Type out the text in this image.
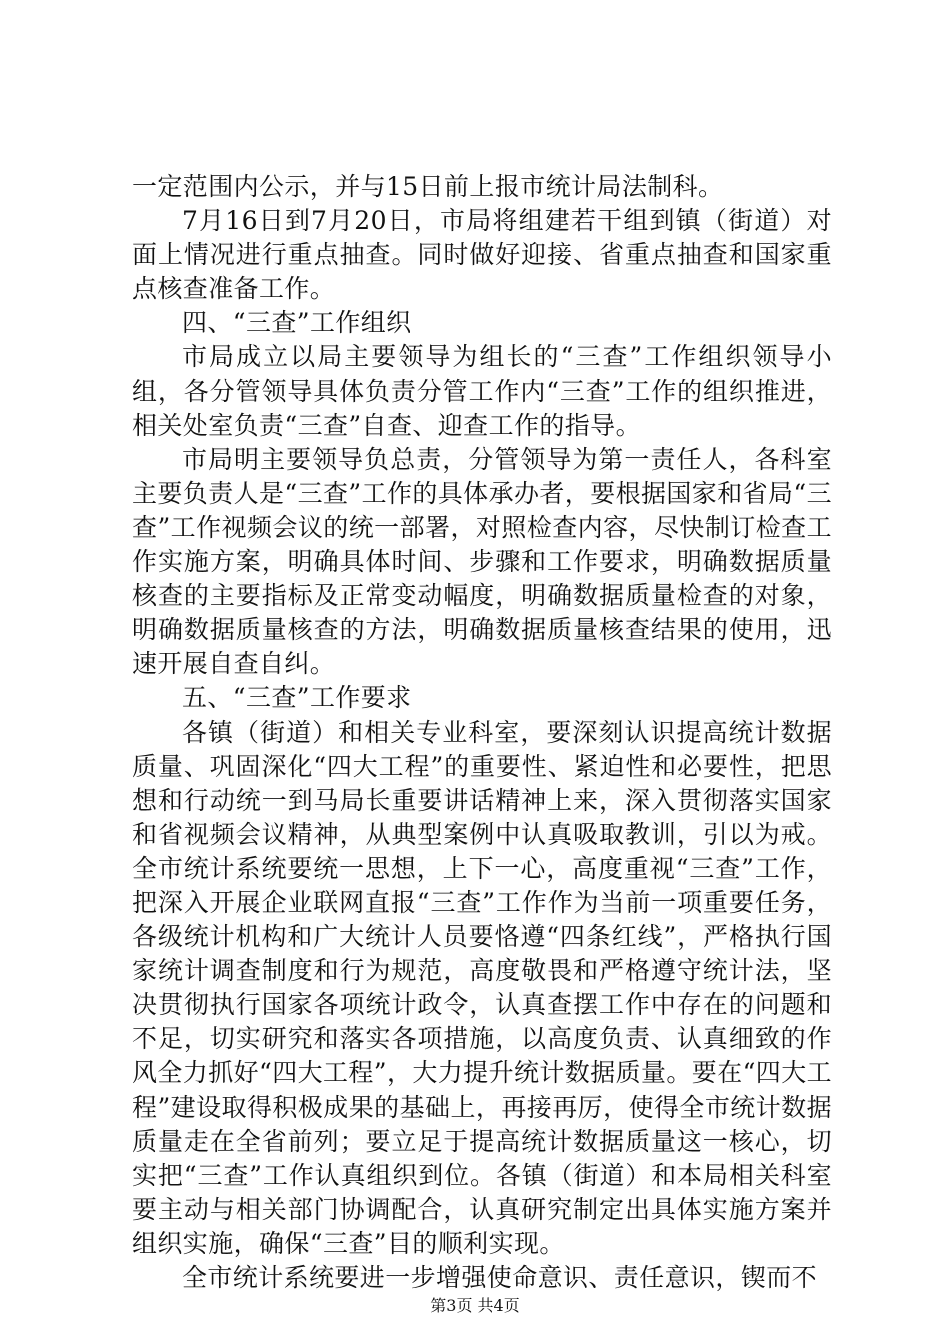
一定范围内公示，并与15日前上报市统计局法制科。

7月16日到7月20日，市局将组建若干组到镇（街道）对面上情况进行重点抽查。同时做好迎接、省重点抽查和国家重点核查准备工作。

四、“三查”工作组织

市局成立以局主要领导为组长的“三查”工作组织领导小组，各分管领导具体负责分管工作内“三查”工作的组织推进，相关处室负责“三查”自查、迎查工作的指导。

市局明主要领导负总责，分管领导为第一责任人，各科室主要负责人是“三查”工作的具体承办者，要根据国家和省局“三查”工作视频会议的统一部署，对照检查内容，尽快制订检查工作实施方案，明确具体时间、步骤和工作要求，明确数据质量核查的主要指标及正常变动幅度，明确数据质量检查的对象，明确数据质量核查的方法，明确数据质量核查结果的使用，迅速开展自查自纠。

五、“三查”工作要求

各镇（街道）和相关专业科室，要深刻认识提高统计数据质量、巩固深化“四大工程”的重要性、紧迫性和必要性，把思想和行动统一到马局长重要讲话精神上来，深入贯彻落实国家和省视频会议精神，从典型案例中认真吸取教训，引以为戒。全市统计系统要统一思想，上下一心，高度重视“三查”工作，把深入开展企业联网直报“三查”工作作为当前一项重要任务，各级统计机构和广大统计人员要恪遵“四条红线”，严格执行国家统计调查制度和行为规范，高度敬畏和严格遵守统计法，坚决贯彻执行国家各项统计政令，认真查摆工作中存在的问题和不足，切实研究和落实各项措施，以高度负责、认真细致的作风全力抓好“四大工程”，大力提升统计数据质量。要在“四大工程”建设取得积极成果的基础上，再接再厉，使得全市统计数据质量走在全省前列；要立足于提高统计数据质量这一核心，切实把“三查”工作认真组织到位。各镇（街道）和本局相关科室要主动与相关部门协调配合，认真研究制定出具体实施方案并组织实施，确保“三查”目的顺利实现。

全市统计系统要进一步增强使命意识、责任意识，锲而不

第3页 共4页
